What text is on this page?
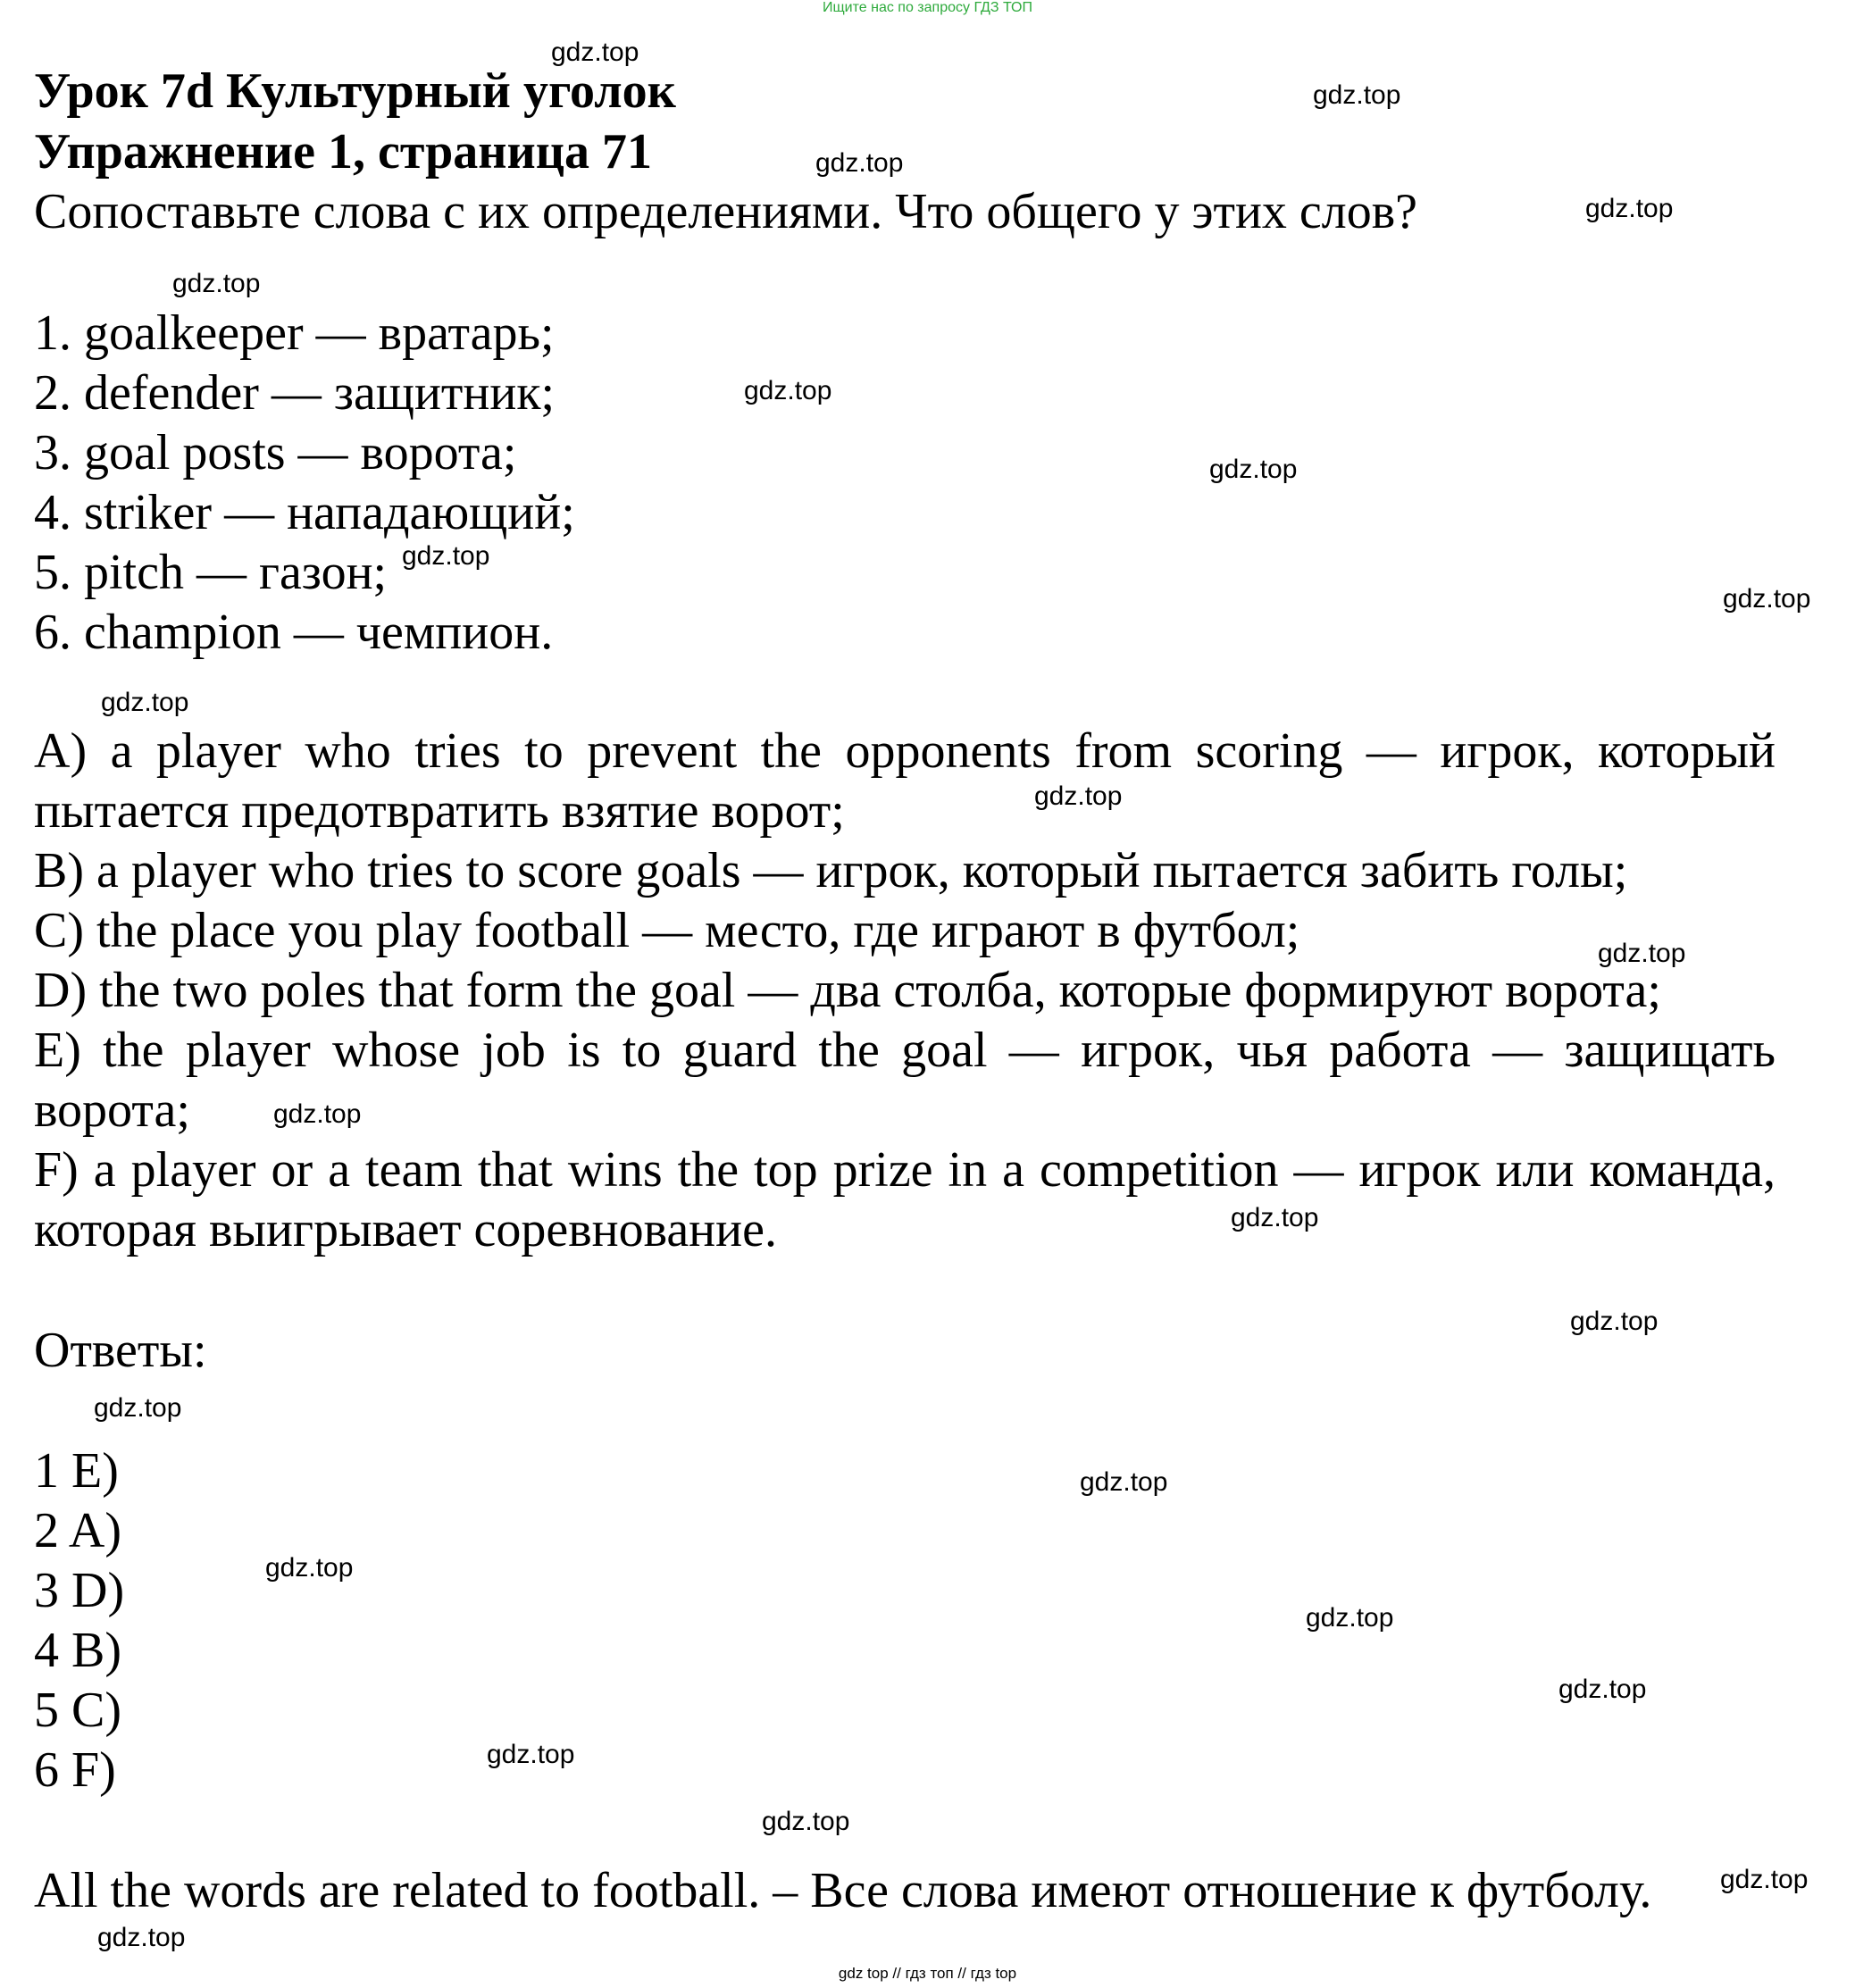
Ищите нас по запросу ГДЗ ТОП
Урок 7d Культурный уголок
Упражнение 1, страница 71
Сопоставьте слова с их определениями. Что общего у этих слов?
1. goalkeeper — вратарь;
2. defender — защитник;
3. goal posts — ворота;
4. striker — нападающий;
5. pitch — газон;
6. champion — чемпион.
A) a player who tries to prevent the opponents from scoring — игрок, который
пытается предотвратить взятие ворот;
B) a player who tries to score goals — игрок, который пытается забить голы;
C) the place you play football — место, где играют в футбол;
D) the two poles that form the goal — два столба, которые формируют ворота;
E) the player whose job is to guard the goal — игрок, чья работа — защищать
ворота;
F) a player or a team that wins the top prize in a competition — игрок или команда,
которая выигрывает соревнование.
Ответы:
1 E)
2 A)
3 D)
4 B)
5 C)
6 F)
All the words are related to football. – Все слова имеют отношение к футболу.
gdz.top
gdz.top
gdz.top
gdz.top
gdz.top
gdz.top
gdz.top
gdz.top
gdz.top
gdz.top
gdz.top
gdz.top
gdz.top
gdz.top
gdz.top
gdz.top
gdz.top
gdz.top
gdz.top
gdz.top
gdz.top
gdz.top
gdz.top
gdz.top
gdz top // гдз топ // гдз top
